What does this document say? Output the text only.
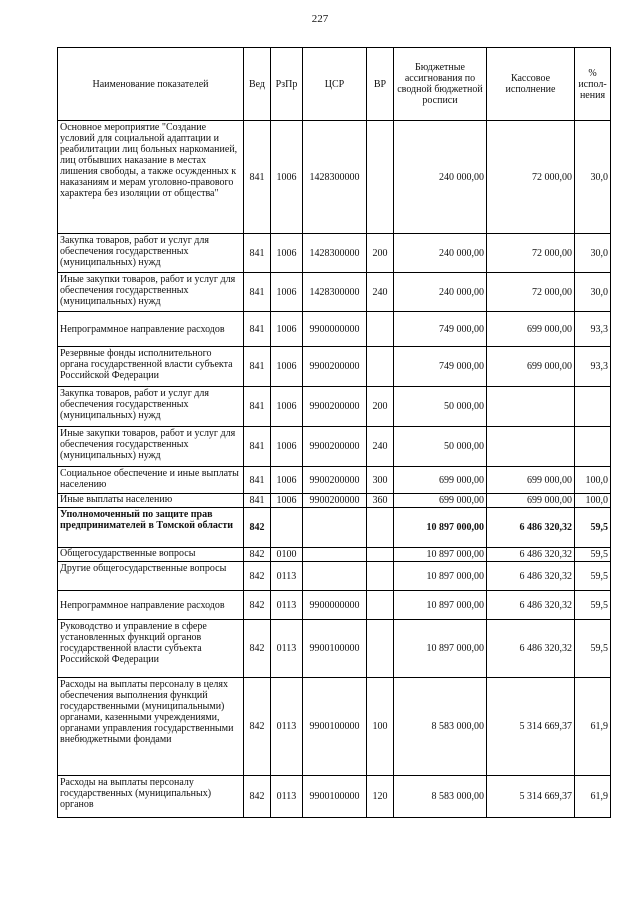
227
Наименование показателей	Вед	РзПр	ЦСР	ВР	Бюджетные ассигнования по сводной бюджетной росписи	Кассовое исполнение	% испол-нения
Основное мероприятие "Создание условий для социальной адаптации и реабилитации лиц больных наркоманией, лиц отбывших наказание в местах лишения свободы, а также осужденных к наказаниям и мерам уголовно-правового характера без изоляции от общества"	841	1006	1428300000		240 000,00	72 000,00	30,0
Закупка товаров, работ и услуг для обеспечения государственных (муниципальных) нужд	841	1006	1428300000	200	240 000,00	72 000,00	30,0
Иные закупки товаров, работ и услуг для обеспечения государственных (муниципальных) нужд	841	1006	1428300000	240	240 000,00	72 000,00	30,0
Непрограммное направление расходов	841	1006	9900000000		749 000,00	699 000,00	93,3
Резервные фонды исполнительного органа государственной власти субъекта Российской Федерации	841	1006	9900200000		749 000,00	699 000,00	93,3
Закупка товаров, работ и услуг для обеспечения государственных (муниципальных) нужд	841	1006	9900200000	200	50 000,00		
Иные закупки товаров, работ и услуг для обеспечения государственных (муниципальных) нужд	841	1006	9900200000	240	50 000,00		
Социальное обеспечение и иные выплаты населению	841	1006	9900200000	300	699 000,00	699 000,00	100,0
Иные выплаты населению	841	1006	9900200000	360	699 000,00	699 000,00	100,0
Уполномоченный по защите прав предпринимателей в Томской области	842				10 897 000,00	6 486 320,32	59,5
Общегосударственные вопросы	842	0100			10 897 000,00	6 486 320,32	59,5
Другие общегосударственные вопросы	842	0113			10 897 000,00	6 486 320,32	59,5
Непрограммное направление расходов	842	0113	9900000000		10 897 000,00	6 486 320,32	59,5
Руководство и управление в сфере установленных функций органов государственной власти субъекта Российской Федерации	842	0113	9900100000		10 897 000,00	6 486 320,32	59,5
Расходы на выплаты персоналу в целях обеспечения выполнения функций государственными (муниципальными) органами, казенными учреждениями, органами управления государственными внебюджетными фондами	842	0113	9900100000	100	8 583 000,00	5 314 669,37	61,9
Расходы на выплаты персоналу государственных (муниципальных) органов	842	0113	9900100000	120	8 583 000,00	5 314 669,37	61,9
